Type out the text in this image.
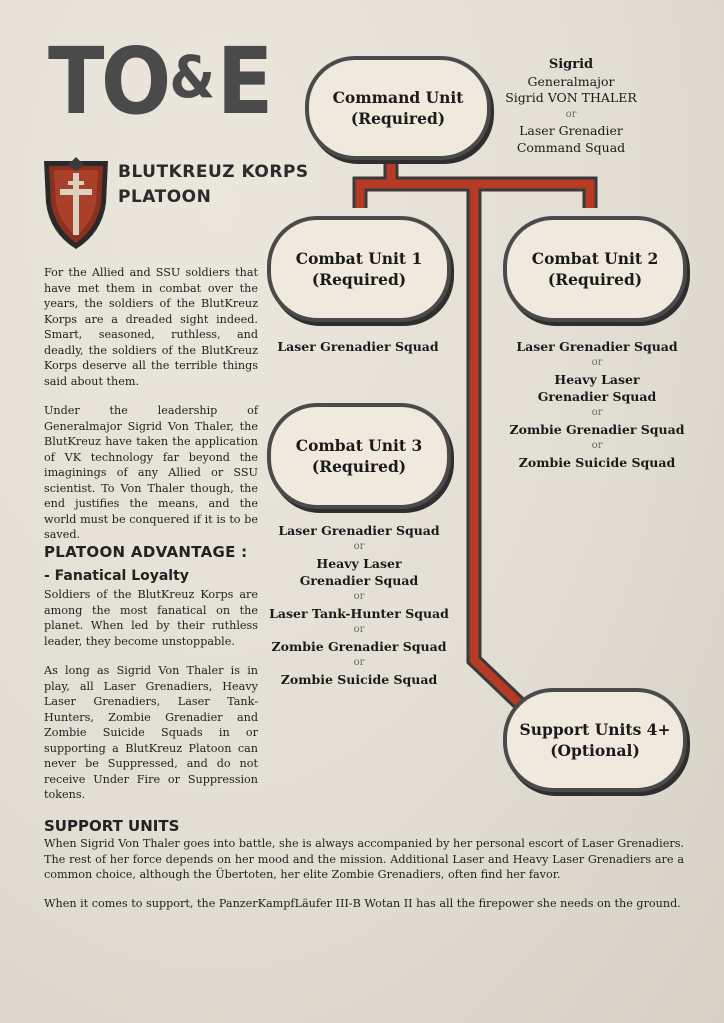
TO&E
BLUTKREUZ KORPS
PLATOON

For the Allied and SSU soldiers that have met them in combat over the years, the soldiers of the BlutKreuz Korps are a dreaded sight indeed. Smart, seasoned, ruthless, and deadly, the soldiers of the BlutKreuz Korps deserve all the terrible things said about them.

Under the leadership of Generalmajor Sigrid Von Thaler, the BlutKreuz have taken the application of VK technology far beyond the imaginings of any Allied or SSU scientist. To Von Thaler though, the end justifies the means, and the world must be conquered if it is to be saved.

PLATOON ADVANTAGE :
- Fanatical Loyalty

Soldiers of the BlutKreuz Korps are among the most fanatical on the planet. When led by their ruthless leader, they become unstoppable.

As long as Sigrid Von Thaler is in play, all Laser Grenadiers, Heavy Laser Grenadiers, Laser Tank-Hunters, Zombie Grenadier and Zombie Suicide Squads in or supporting a BlutKreuz Platoon can never be Suppressed, and do not receive Under Fire or Suppression tokens.

Command Unit
(Required)
Sigrid
Generalmajor
Sigrid VON THALER
or
Laser Grenadier
Command Squad
Combat Unit 1
(Required)
Laser Grenadier Squad
Combat Unit 2
(Required)
Laser Grenadier Squad
or
Heavy Laser
Grenadier Squad
or
Zombie Grenadier Squad
or
Zombie Suicide Squad
Combat Unit 3
(Required)
Laser Grenadier Squad
or
Heavy Laser
Grenadier Squad
or
Laser Tank-Hunter Squad
or
Zombie Grenadier Squad
or
Zombie Suicide Squad
Support Units 4+
(Optional)
SUPPORT UNITS

When Sigrid Von Thaler goes into battle, she is always accompanied by her personal escort of Laser Grenadiers. The rest of her force depends on her mood and the mission. Additional Laser and Heavy Laser Grenadiers are a common choice, although the Übertoten, her elite Zombie Grenadiers, often find her favor.

When it comes to support, the PanzerKampfLäufer III-B Wotan II has all the firepower she needs on the ground.
